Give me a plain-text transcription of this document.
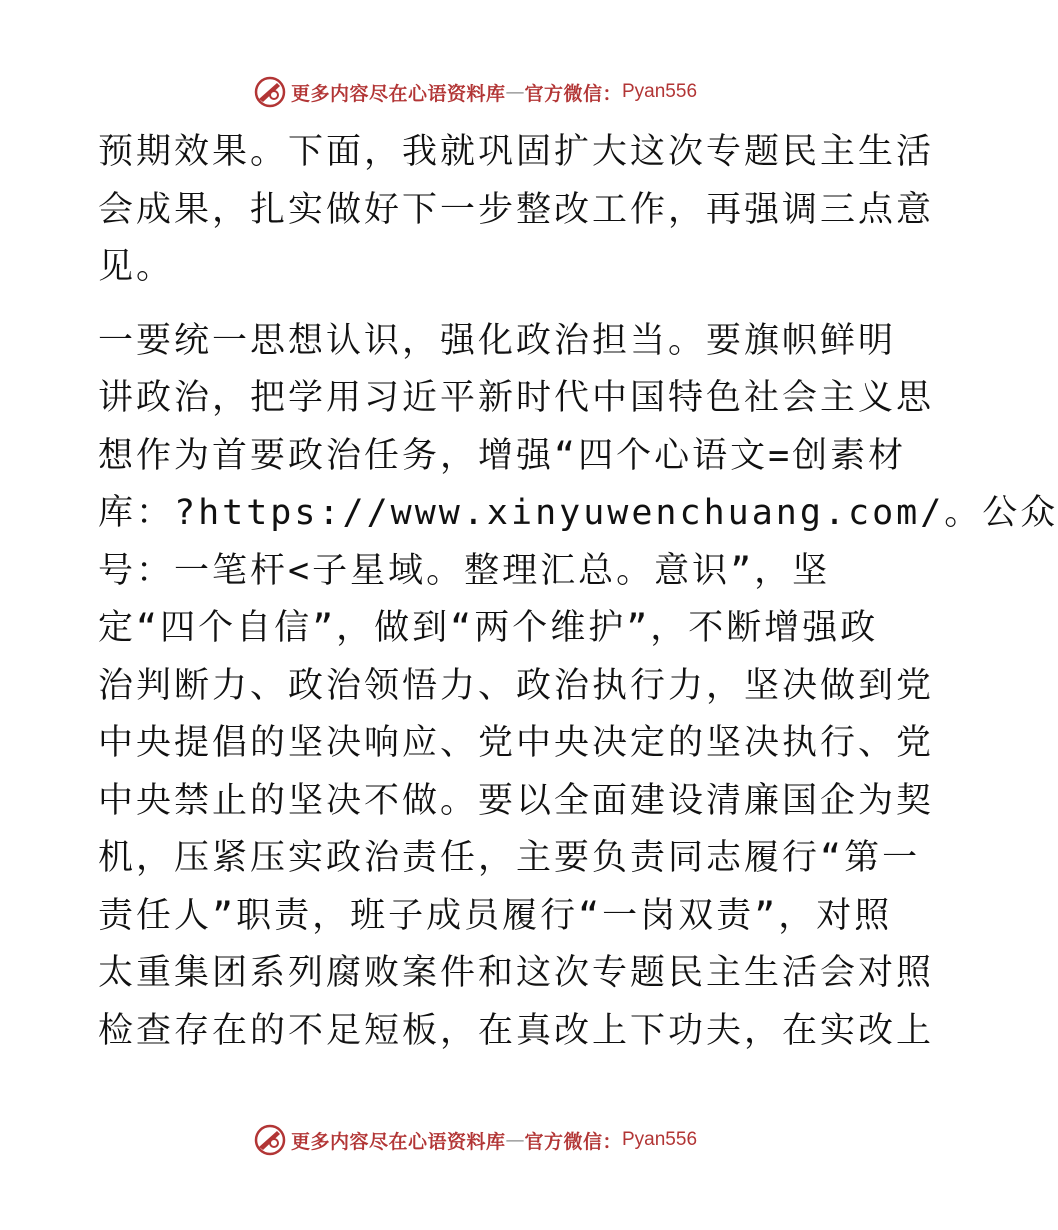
更多内容尽在心语资料库 — 官方微信： Pyan556
预期效果。下面，我就巩固扩大这次专题民主生活
会成果，扎实做好下一步整改工作，再强调三点意
见。
一要统一思想认识，强化政治担当。要旗帜鲜明
讲政治，把学用习近平新时代中国特色社会主义思
想作为首要政治任务，增强“四个心语文=创素材
库：?https://www.xinyuwenchuang.com/。公众
号：一笔杆<子星域。整理汇总。意识”，坚
定“四个自信”，做到“两个维护”，不断增强政
治判断力、政治领悟力、政治执行力，坚决做到党
中央提倡的坚决响应、党中央决定的坚决执行、党
中央禁止的坚决不做。要以全面建设清廉国企为契
机，压紧压实政治责任，主要负责同志履行“第一
责任人”职责，班子成员履行“一岗双责”，对照
太重集团系列腐败案件和这次专题民主生活会对照
检查存在的不足短板，在真改上下功夫，在实改上
更多内容尽在心语资料库 — 官方微信： Pyan556
